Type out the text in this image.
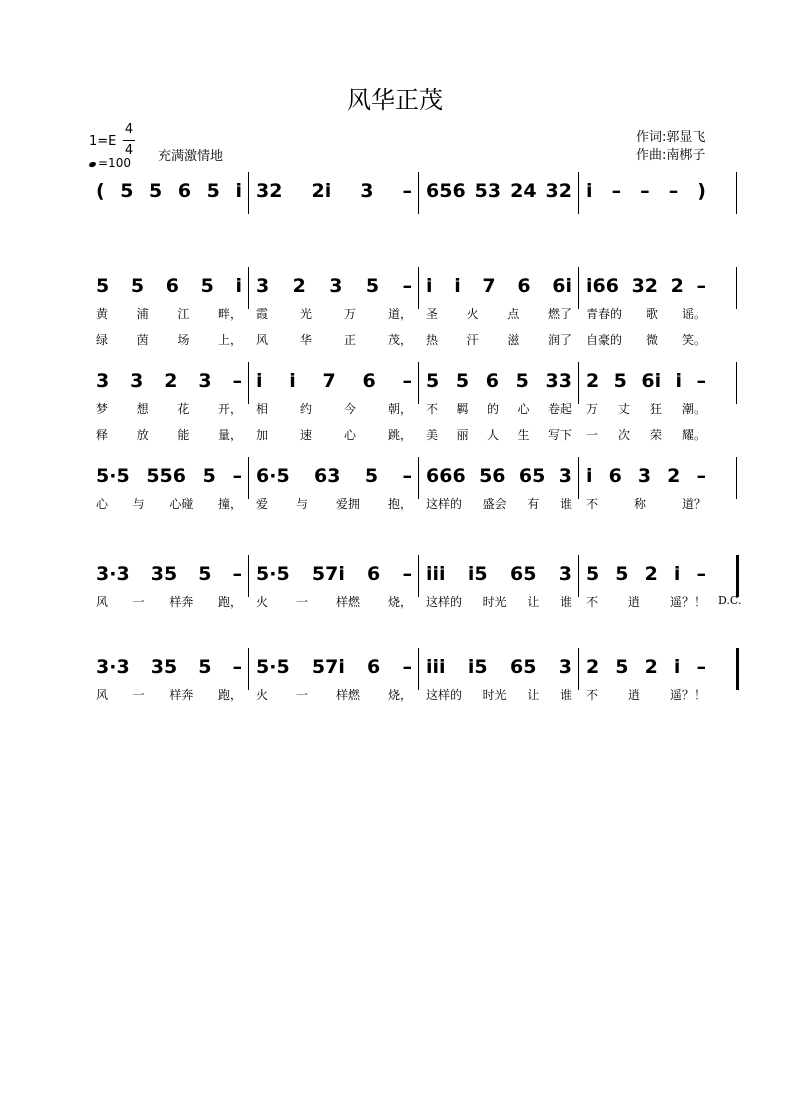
风华正茂
1=E
4
4
=100 充满激情地
作词:郭显飞
作曲:南梆子
( 5 5 6 5 i 32 2i 3 – 656 53 24 32 i – – – )
5 5 6 5 i 3 2 3 5 – i i 7 6 6i i66 32 2 –
黄 浦 江 畔， 霞	光	万	道， 圣 火 点 燃了 青春的 歌 谣。
绿 茵 场 上， 风	华	正	茂， 热 汗 滋 润了 自豪的 微 笑。
3 3 2 3 – i i 7 6 – 5 5 6 5 33 2 5 6i i –
梦 想 花 开， 相	约	今	朝， 不 羁 的 心 卷起 万 丈 狂 潮。
释 放 能 量， 加	速	心	跳， 美 丽 人 生 写下 一 次 荣 耀。
5·5 556 5 – 6·5 63 5 – 666 56 65 3 i 6 3 2 –
心 与 心碰 撞， 爱 与 爱拥 抱， 这样的 盛会 有 谁 不	称	道？
3·3 35 5 – 5·5 57i 6 – iii i5 65 3 5 5 2 i –
风 一 样奔 跑， 火 一 样燃 烧， 这样的 时光 让 谁 不 逍 遥？！
3·3 35 5 – 5·5 57i 6 – iii i5 65 3 2 5 2 i –
风 一 样奔 跑， 火 一 样燃 烧， 这样的 时光 让 谁 不 逍 遥？！
D.C.
